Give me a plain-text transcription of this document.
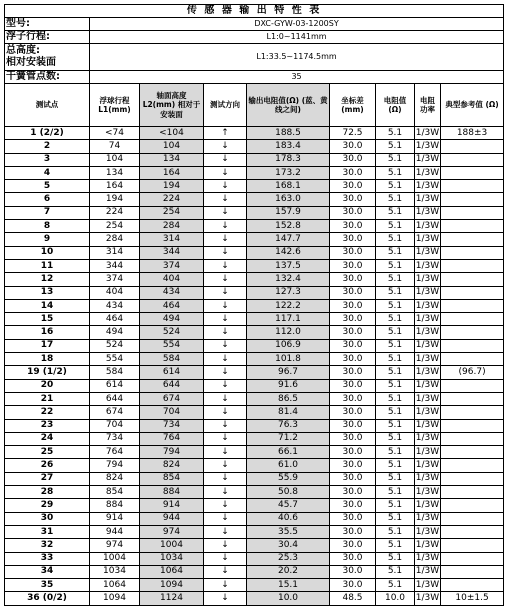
传 感 器 输 出 特 性 表								
型号:	DXC-GYW-03-1200SY							
浮子行程:	L1:0~1141mm							
总高度:
相对安装面	L1:33.5~1174.5mm							
干簧管点数:	35							
测试点	浮球行程 L1(mm)	轴面高度 L2(mm) 相对于安装面	测试方向	输出电阻值(Ω) (蓝、黄线之间)	坐标差 (mm)	电阻值 (Ω)	电阻 功率	典型参考值 (Ω)
1 (2/2)	<74	<104	↑	188.5	72.5	5.1	1/3W	188±3
2	74	104	↓	183.4	30.0	5.1	1/3W	
3	104	134	↓	178.3	30.0	5.1	1/3W	
4	134	164	↓	173.2	30.0	5.1	1/3W	
5	164	194	↓	168.1	30.0	5.1	1/3W	
6	194	224	↓	163.0	30.0	5.1	1/3W	
7	224	254	↓	157.9	30.0	5.1	1/3W	
8	254	284	↓	152.8	30.0	5.1	1/3W	
9	284	314	↓	147.7	30.0	5.1	1/3W	
10	314	344	↓	142.6	30.0	5.1	1/3W	
11	344	374	↓	137.5	30.0	5.1	1/3W	
12	374	404	↓	132.4	30.0	5.1	1/3W	
13	404	434	↓	127.3	30.0	5.1	1/3W	
14	434	464	↓	122.2	30.0	5.1	1/3W	
15	464	494	↓	117.1	30.0	5.1	1/3W	
16	494	524	↓	112.0	30.0	5.1	1/3W	
17	524	554	↓	106.9	30.0	5.1	1/3W	
18	554	584	↓	101.8	30.0	5.1	1/3W	
19 (1/2)	584	614	↓	96.7	30.0	5.1	1/3W	(96.7)
20	614	644	↓	91.6	30.0	5.1	1/3W	
21	644	674	↓	86.5	30.0	5.1	1/3W	
22	674	704	↓	81.4	30.0	5.1	1/3W	
23	704	734	↓	76.3	30.0	5.1	1/3W	
24	734	764	↓	71.2	30.0	5.1	1/3W	
25	764	794	↓	66.1	30.0	5.1	1/3W	
26	794	824	↓	61.0	30.0	5.1	1/3W	
27	824	854	↓	55.9	30.0	5.1	1/3W	
28	854	884	↓	50.8	30.0	5.1	1/3W	
29	884	914	↓	45.7	30.0	5.1	1/3W	
30	914	944	↓	40.6	30.0	5.1	1/3W	
31	944	974	↓	35.5	30.0	5.1	1/3W	
32	974	1004	↓	30.4	30.0	5.1	1/3W	
33	1004	1034	↓	25.3	30.0	5.1	1/3W	
34	1034	1064	↓	20.2	30.0	5.1	1/3W	
35	1064	1094	↓	15.1	30.0	5.1	1/3W	
36 (0/2)	1094	1124	↓	10.0	48.5	10.0	1/3W	10±1.5
